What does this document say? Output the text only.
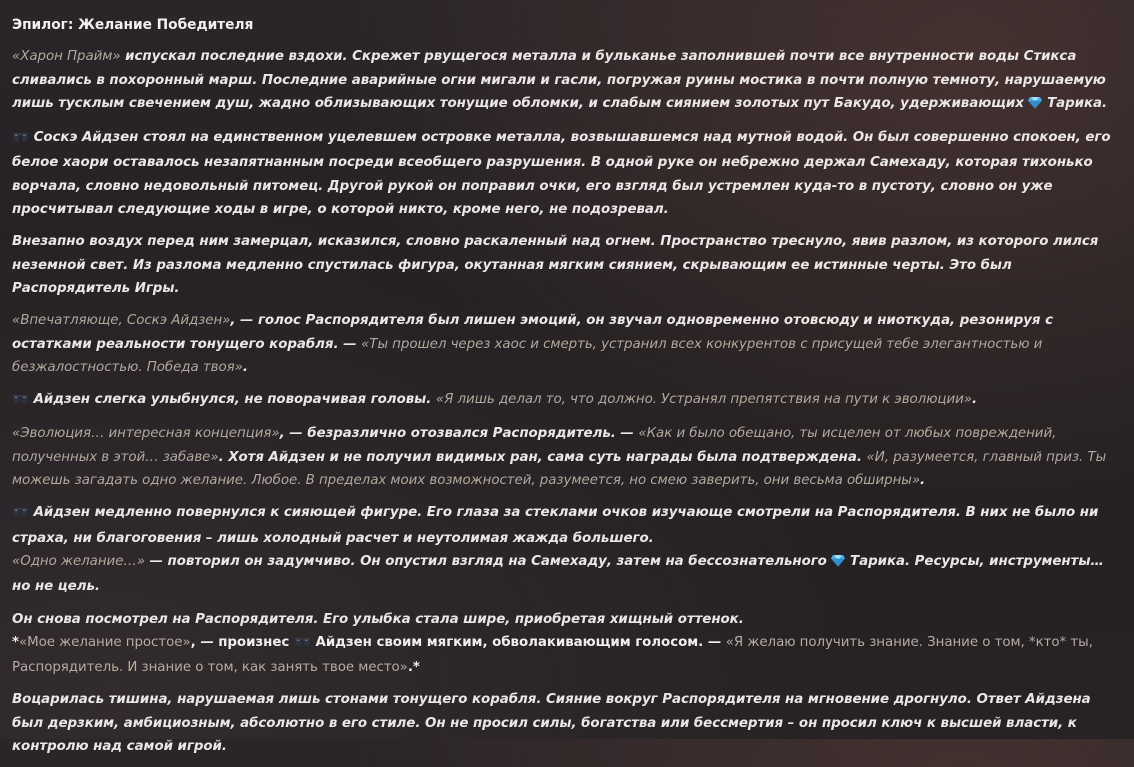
Эпилог: Желание Победителя

«Харон Прайм» испускал последние вздохи. Скрежет рвущегося металла и бульканье заполнившей почти все внутренности воды Стикса сливались в похоронный марш. Последние аварийные огни мигали и гасли, погружая руины мостика в почти полную темноту, нарушаемую лишь тусклым свечением душ, жадно облизывающих тонущие обломки, и слабым сиянием золотых пут Бакудо, удерживающих  Тарика.

Соскэ Айдзен стоял на единственном уцелевшем островке металла, возвышавшемся над мутной водой. Он был совершенно спокоен, его белое хаори оставалось незапятнанным посреди всеобщего разрушения. В одной руке он небрежно держал Самехаду, которая тихонько ворчала, словно недовольный питомец. Другой рукой он поправил очки, его взгляд был устремлен куда-то в пустоту, словно он уже просчитывал следующие ходы в игре, о которой никто, кроме него, не подозревал.

Внезапно воздух перед ним замерцал, исказился, словно раскаленный над огнем. Пространство треснуло, явив разлом, из которого лился неземной свет. Из разлома медленно спустилась фигура, окутанная мягким сиянием, скрывающим ее истинные черты. Это был Распорядитель Игры.

«Впечатляюще, Соскэ Айдзен», — голос Распорядителя был лишен эмоций, он звучал одновременно отовсюду и ниоткуда, резонируя с остатками реальности тонущего корабля. — «Ты прошел через хаос и смерть, устранил всех конкурентов с присущей тебе элегантностью и безжалостностью. Победа твоя».

Айдзен слегка улыбнулся, не поворачивая головы. «Я лишь делал то, что должно. Устранял препятствия на пути к эволюции».

«Эволюция… интересная концепция», — безразлично отозвался Распорядитель. — «Как и было обещано, ты исцелен от любых повреждений, полученных в этой… забаве». Хотя Айдзен и не получил видимых ран, сама суть награды была подтверждена. «И, разумеется, главный приз. Ты можешь загадать одно желание. Любое. В пределах моих возможностей, разумеется, но смею заверить, они весьма обширны».

Айдзен медленно повернулся к сияющей фигуре. Его глаза за стеклами очков изучающе смотрели на Распорядителя. В них не было ни страха, ни благоговения – лишь холодный расчет и неутолимая жажда большего.

«Одно желание…» — повторил он задумчиво. Он опустил взгляд на Самехаду, затем на бессознательного  Тарика. Ресурсы, инструменты… но не цель.

Он снова посмотрел на Распорядителя. Его улыбка стала шире, приобретая хищный оттенок.

*«Мое желание простое», — произнес  Айдзен своим мягким, обволакивающим голосом. — «Я желаю получить знание. Знание о том, *кто* ты, Распорядитель. И знание о том, как занять твое место».*

Воцарилась тишина, нарушаемая лишь стонами тонущего корабля. Сияние вокруг Распорядителя на мгновение дрогнуло. Ответ Айдзена был дерзким, амбициозным, абсолютно в его стиле. Он не просил силы, богатства или бессмертия – он просил ключ к высшей власти, к контролю над самой игрой.
